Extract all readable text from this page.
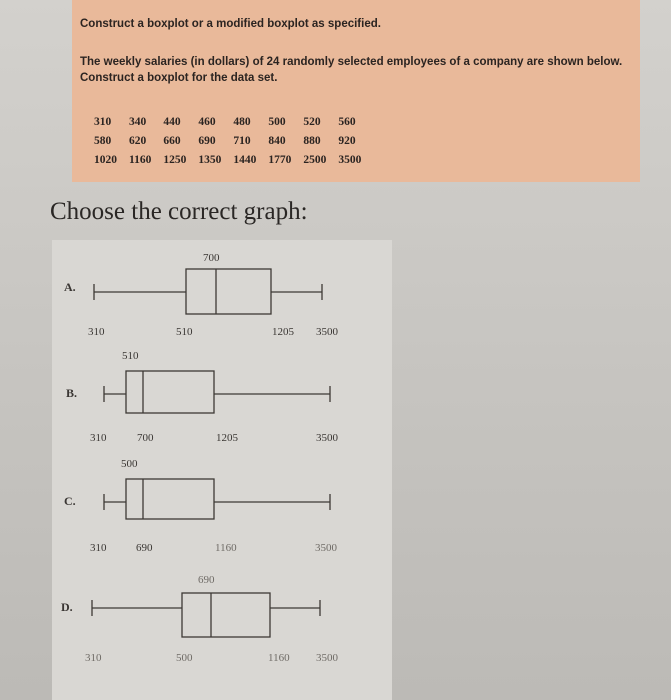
Construct a boxplot or a modified boxplot as specified.
The weekly salaries (in dollars) of 24 randomly selected employees of a company are shown below. Construct a boxplot for the data set.
310	340	440	460	480	500	520	560
580	620	660	690	710	840	880	920
1020	1160	1250	1350	1440	1770	2500	3500
Choose the correct graph:
A.
700
310	510	1205 3500
B.
510
310	700	1205	3500
C.
500
310	690	1160	3500
D.
690
310	500	1160 3500
